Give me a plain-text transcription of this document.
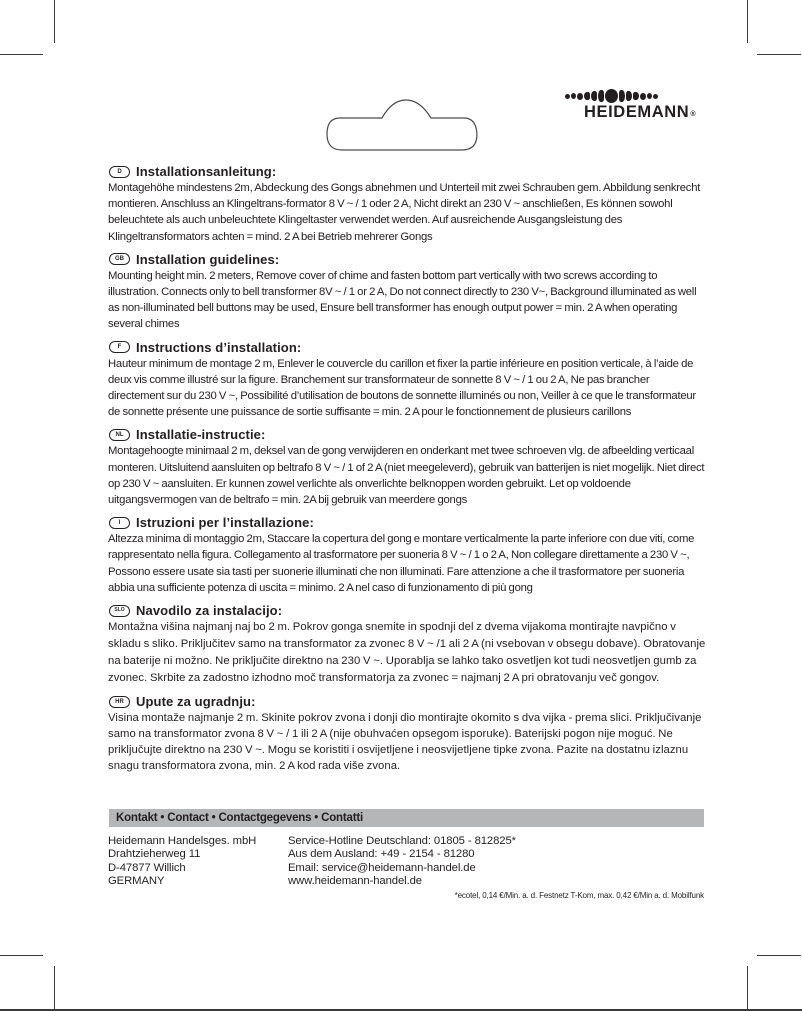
HEIDEMANN®
D	Installationsanleitung:
Montagehöhe mindestens 2m, Abdeckung des Gongs abnehmen und Unterteil mit zwei Schrauben gem. Abbildung senkrecht montieren. Anschluss an Klingeltrans-formator 8 V ~ / 1 oder 2 A, Nicht direkt an 230 V ~ anschließen, Es können sowohl beleuchtete als auch unbeleuchtete Klingeltaster verwendet werden. Auf ausreichende Ausgangsleistung des Klingeltransformators achten = mind. 2 A bei Betrieb mehrerer Gongs
GB Installation guidelines:
Mounting height min. 2 meters, Remove cover of chime and fasten bottom part vertically with two screws according to illustration. Connects only to bell transformer 8V ~ / 1 or 2 A, Do not connect directly to 230 V~, Background illuminated as well as non-illuminated bell buttons may be used, Ensure bell transformer has enough output power = min. 2 A when operating several chimes
F	Instructions d’installation:
Hauteur minimum de montage 2 m, Enlever le couvercle du carillon et fixer la partie inférieure en position verticale, à l’aide de deux vis comme illustré sur la figure. Branchement sur transformateur de sonnette 8 V ~ / 1 ou 2 A, Ne pas brancher directement sur du 230 V ~, Possibilité d’utilisation de boutons de sonnette illuminés ou non, Veiller à ce que le transformateur de sonnette présente une puissance de sortie suffisante = min. 2 A pour le fonctionnement de plusieurs carillons
NL Installatie-instructie:
Montagehoogte minimaal 2 m, deksel van de gong verwijderen en onderkant met twee schroeven vlg. de afbeelding verticaal monteren. Uitsluitend aansluiten op beltrafo 8 V ~ / 1 of 2 A (niet meegeleverd), gebruik van batterijen is niet mogelijk. Niet direct op 230 V ~ aansluiten. Er kunnen zowel verlichte als onverlichte belknoppen worden gebruikt. Let op voldoende uitgangsvermogen van de beltrafo = min. 2A bij gebruik van meerdere gongs
I	Istruzioni per l’installazione:
Altezza minima di montaggio 2m, Staccare la copertura del gong e montare verticalmente la parte inferiore con due viti, come rappresentato nella figura. Collegamento al trasformatore per suoneria 8 V ~ / 1 o 2 A, Non collegare direttamente a 230 V ~, Possono essere usate sia tasti per suonerie illuminati che non illuminati. Fare attenzione a che il trasformatore per suoneria abbia una sufficiente potenza di uscita = minimo. 2 A nel caso di funzionamento di più gong
SLO Navodilo za instalacijo:
Montažna višina najmanj naj bo 2 m. Pokrov gonga snemite in spodnji del z dvema vijakoma montirajte navpično v skladu s sliko. Priključitev samo na transformator za zvonec 8 V ~ /1 ali 2 A (ni vsebovan v obsegu dobave). Obratovanje na baterije ni možno. Ne priključite direktno na 230 V ~. Uporablja se lahko tako osvetljen kot tudi neosvetljen gumb za zvonec. Skrbite za zadostno izhodno moč transformatorja za zvonec = najmanj 2 A pri obratovanju več gongov.
HR Upute za ugradnju:
Visina montaže najmanje 2 m. Skinite pokrov zvona i donji dio montirajte okomito s dva vijka - prema slici. Priključivanje samo na transformator zvona 8 V ~ / 1 ili 2 A (nije obuhvaćen opsegom isporuke). Baterijski pogon nije moguć. Ne priključujte direktno na 230 V ~. Mogu se koristiti i osvijetljene i neosvijetljene tipke zvona. Pazite na dostatnu izlaznu snagu transformatora zvona, min. 2 A kod rada više zvona.
Kontakt • Contact • Contactgegevens • Contatti
Heidemann Handelsges. mbH
Drahtzieherweg 11
D-47877 Willich
GERMANY
Service-Hotline Deutschland: 01805 - 812825*
Aus dem Ausland: +49 - 2154 - 81280
Email: service@heidemann-handel.de
www.heidemann-handel.de
*ecotel, 0,14 €/Min. a. d. Festnetz T-Kom, max. 0,42 €/Min a. d. Mobilfunk
